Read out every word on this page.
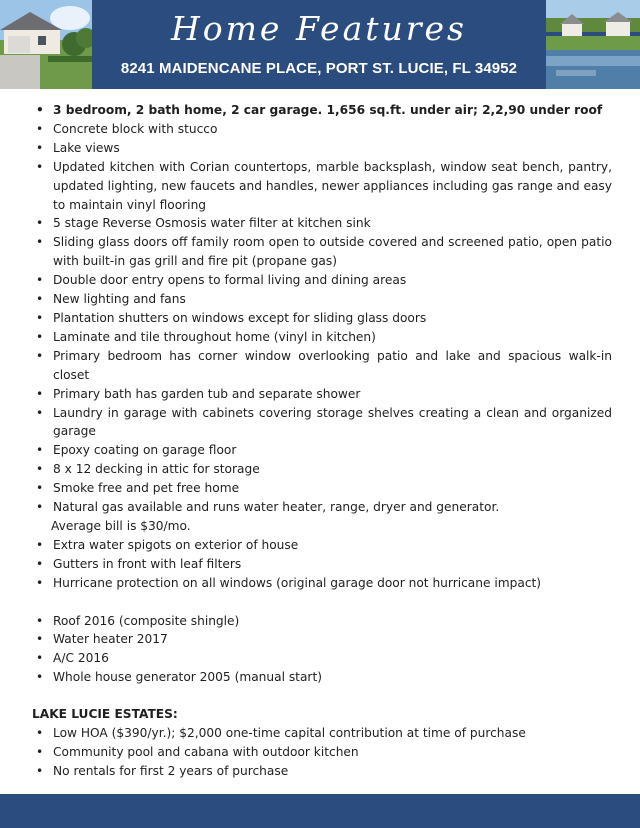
Home Features
8241 MAIDENCANE PLACE, PORT ST. LUCIE, FL 34952
• 3 bedroom, 2 bath home, 2 car garage. 1,656 sq.ft. under air; 2,2,90 under roof
• Concrete block with stucco
• Lake views
• Updated kitchen with Corian countertops, marble backsplash, window seat bench, pantry, updated lighting, new faucets and handles, newer appliances including gas range and easy to maintain vinyl flooring
• 5 stage Reverse Osmosis water filter at kitchen sink
• Sliding glass doors off family room open to outside covered and screened patio, open patio with built-in gas grill and fire pit (propane gas)
• Double door entry opens to formal living and dining areas
• New lighting and fans
• Plantation shutters on windows except for sliding glass doors
• Laminate and tile throughout home (vinyl in kitchen)
• Primary bedroom has corner window overlooking patio and lake and spacious walk-in closet
• Primary bath has garden tub and separate shower
• Laundry in garage with cabinets covering storage shelves creating a clean and organized garage
• Epoxy coating on garage floor
• 8 x 12 decking in attic for storage
• Smoke free and pet free home
• Natural gas available and runs water heater, range, dryer and generator.
Average bill is $30/mo.
• Extra water spigots on exterior of house
• Gutters in front with leaf filters
• Hurricane protection on all windows (original garage door not hurricane impact)
• Roof 2016 (composite shingle)
• Water heater 2017
• A/C 2016
• Whole house generator 2005 (manual start)
LAKE LUCIE ESTATES:
• Low HOA ($390/yr.); $2,000 one-time capital contribution at time of purchase
• Community pool and cabana with outdoor kitchen
• No rentals for first 2 years of purchase
